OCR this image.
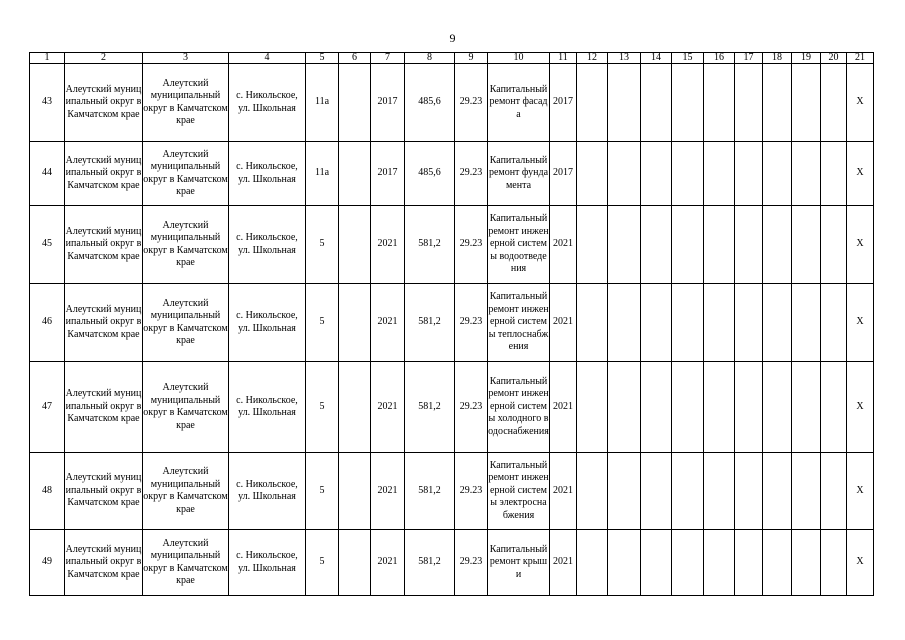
9
1	2	3	4	5	6	7	8	9	10	11	12	13	14	15	16	17	18	19	20	21
43	Алеутский муниципальный округ в Камчатском крае	Алеутский муниципальный округ в Камчатском крае	с. Никольское, ул. Школьная	11а		2017	485,6	29.23	Капитальный ремонт фасада	2017										Х
44	Алеутский муниципальный округ в Камчатском крае	Алеутский муниципальный округ в Камчатском крае	с. Никольское, ул. Школьная	11а		2017	485,6	29.23	Капитальный ремонт фундамента	2017										Х
45	Алеутский муниципальный округ в Камчатском крае	Алеутский муниципальный округ в Камчатском крае	с. Никольское, ул. Школьная	5		2021	581,2	29.23	Капитальный ремонт инженерной системы водоотведения	2021										Х
46	Алеутский муниципальный округ в Камчатском крае	Алеутский муниципальный округ в Камчатском крае	с. Никольское, ул. Школьная	5		2021	581,2	29.23	Капитальный ремонт инженерной системы теплоснабжения	2021										Х
47	Алеутский муниципальный округ в Камчатском крае	Алеутский муниципальный округ в Камчатском крае	с. Никольское, ул. Школьная	5		2021	581,2	29.23	Капитальный ремонт инженерной системы холодного водоснабжения	2021										Х
48	Алеутский муниципальный округ в Камчатском крае	Алеутский муниципальный округ в Камчатском крае	с. Никольское, ул. Школьная	5		2021	581,2	29.23	Капитальный ремонт инженерной системы электроснабжения	2021										Х
49	Алеутский муниципальный округ в Камчатском крае	Алеутский муниципальный округ в Камчатском крае	с. Никольское, ул. Школьная	5		2021	581,2	29.23	Капитальный ремонт крыши	2021										Х
